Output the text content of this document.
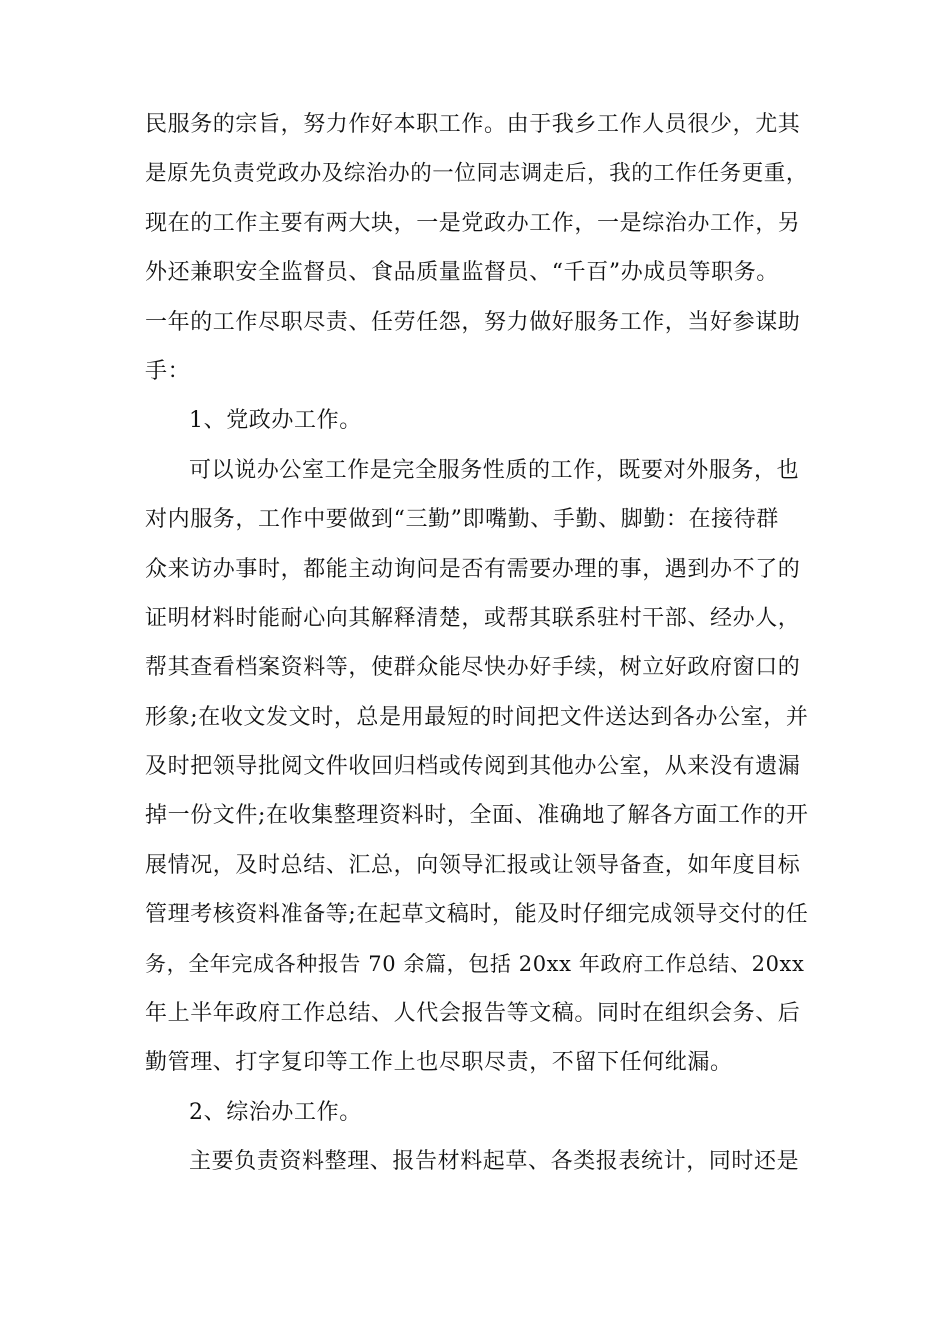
民服务的宗旨，努力作好本职工作。由于我乡工作人员很少，尤其
是原先负责党政办及综治办的一位同志调走后，我的工作任务更重，
现在的工作主要有两大块，一是党政办工作，一是综治办工作，另
外还兼职安全监督员、食品质量监督员、“千百”办成员等职务。
一年的工作尽职尽责、任劳任怨，努力做好服务工作，当好参谋助
手：
1、党政办工作。
可以说办公室工作是完全服务性质的工作，既要对外服务，也
对内服务，工作中要做到“三勤”即嘴勤、手勤、脚勤：在接待群
众来访办事时，都能主动询问是否有需要办理的事，遇到办不了的
证明材料时能耐心向其解释清楚，或帮其联系驻村干部、经办人，
帮其查看档案资料等，使群众能尽快办好手续，树立好政府窗口的
形象;在收文发文时，总是用最短的时间把文件送达到各办公室，并
及时把领导批阅文件收回归档或传阅到其他办公室，从来没有遗漏
掉一份文件;在收集整理资料时，全面、准确地了解各方面工作的开
展情况，及时总结、汇总，向领导汇报或让领导备查，如年度目标
管理考核资料准备等;在起草文稿时，能及时仔细完成领导交付的任
务，全年完成各种报告 70 余篇，包括 20xx 年政府工作总结、20xx
年上半年政府工作总结、人代会报告等文稿。同时在组织会务、后
勤管理、打字复印等工作上也尽职尽责，不留下任何纰漏。
2、综治办工作。
主要负责资料整理、报告材料起草、各类报表统计，同时还是
